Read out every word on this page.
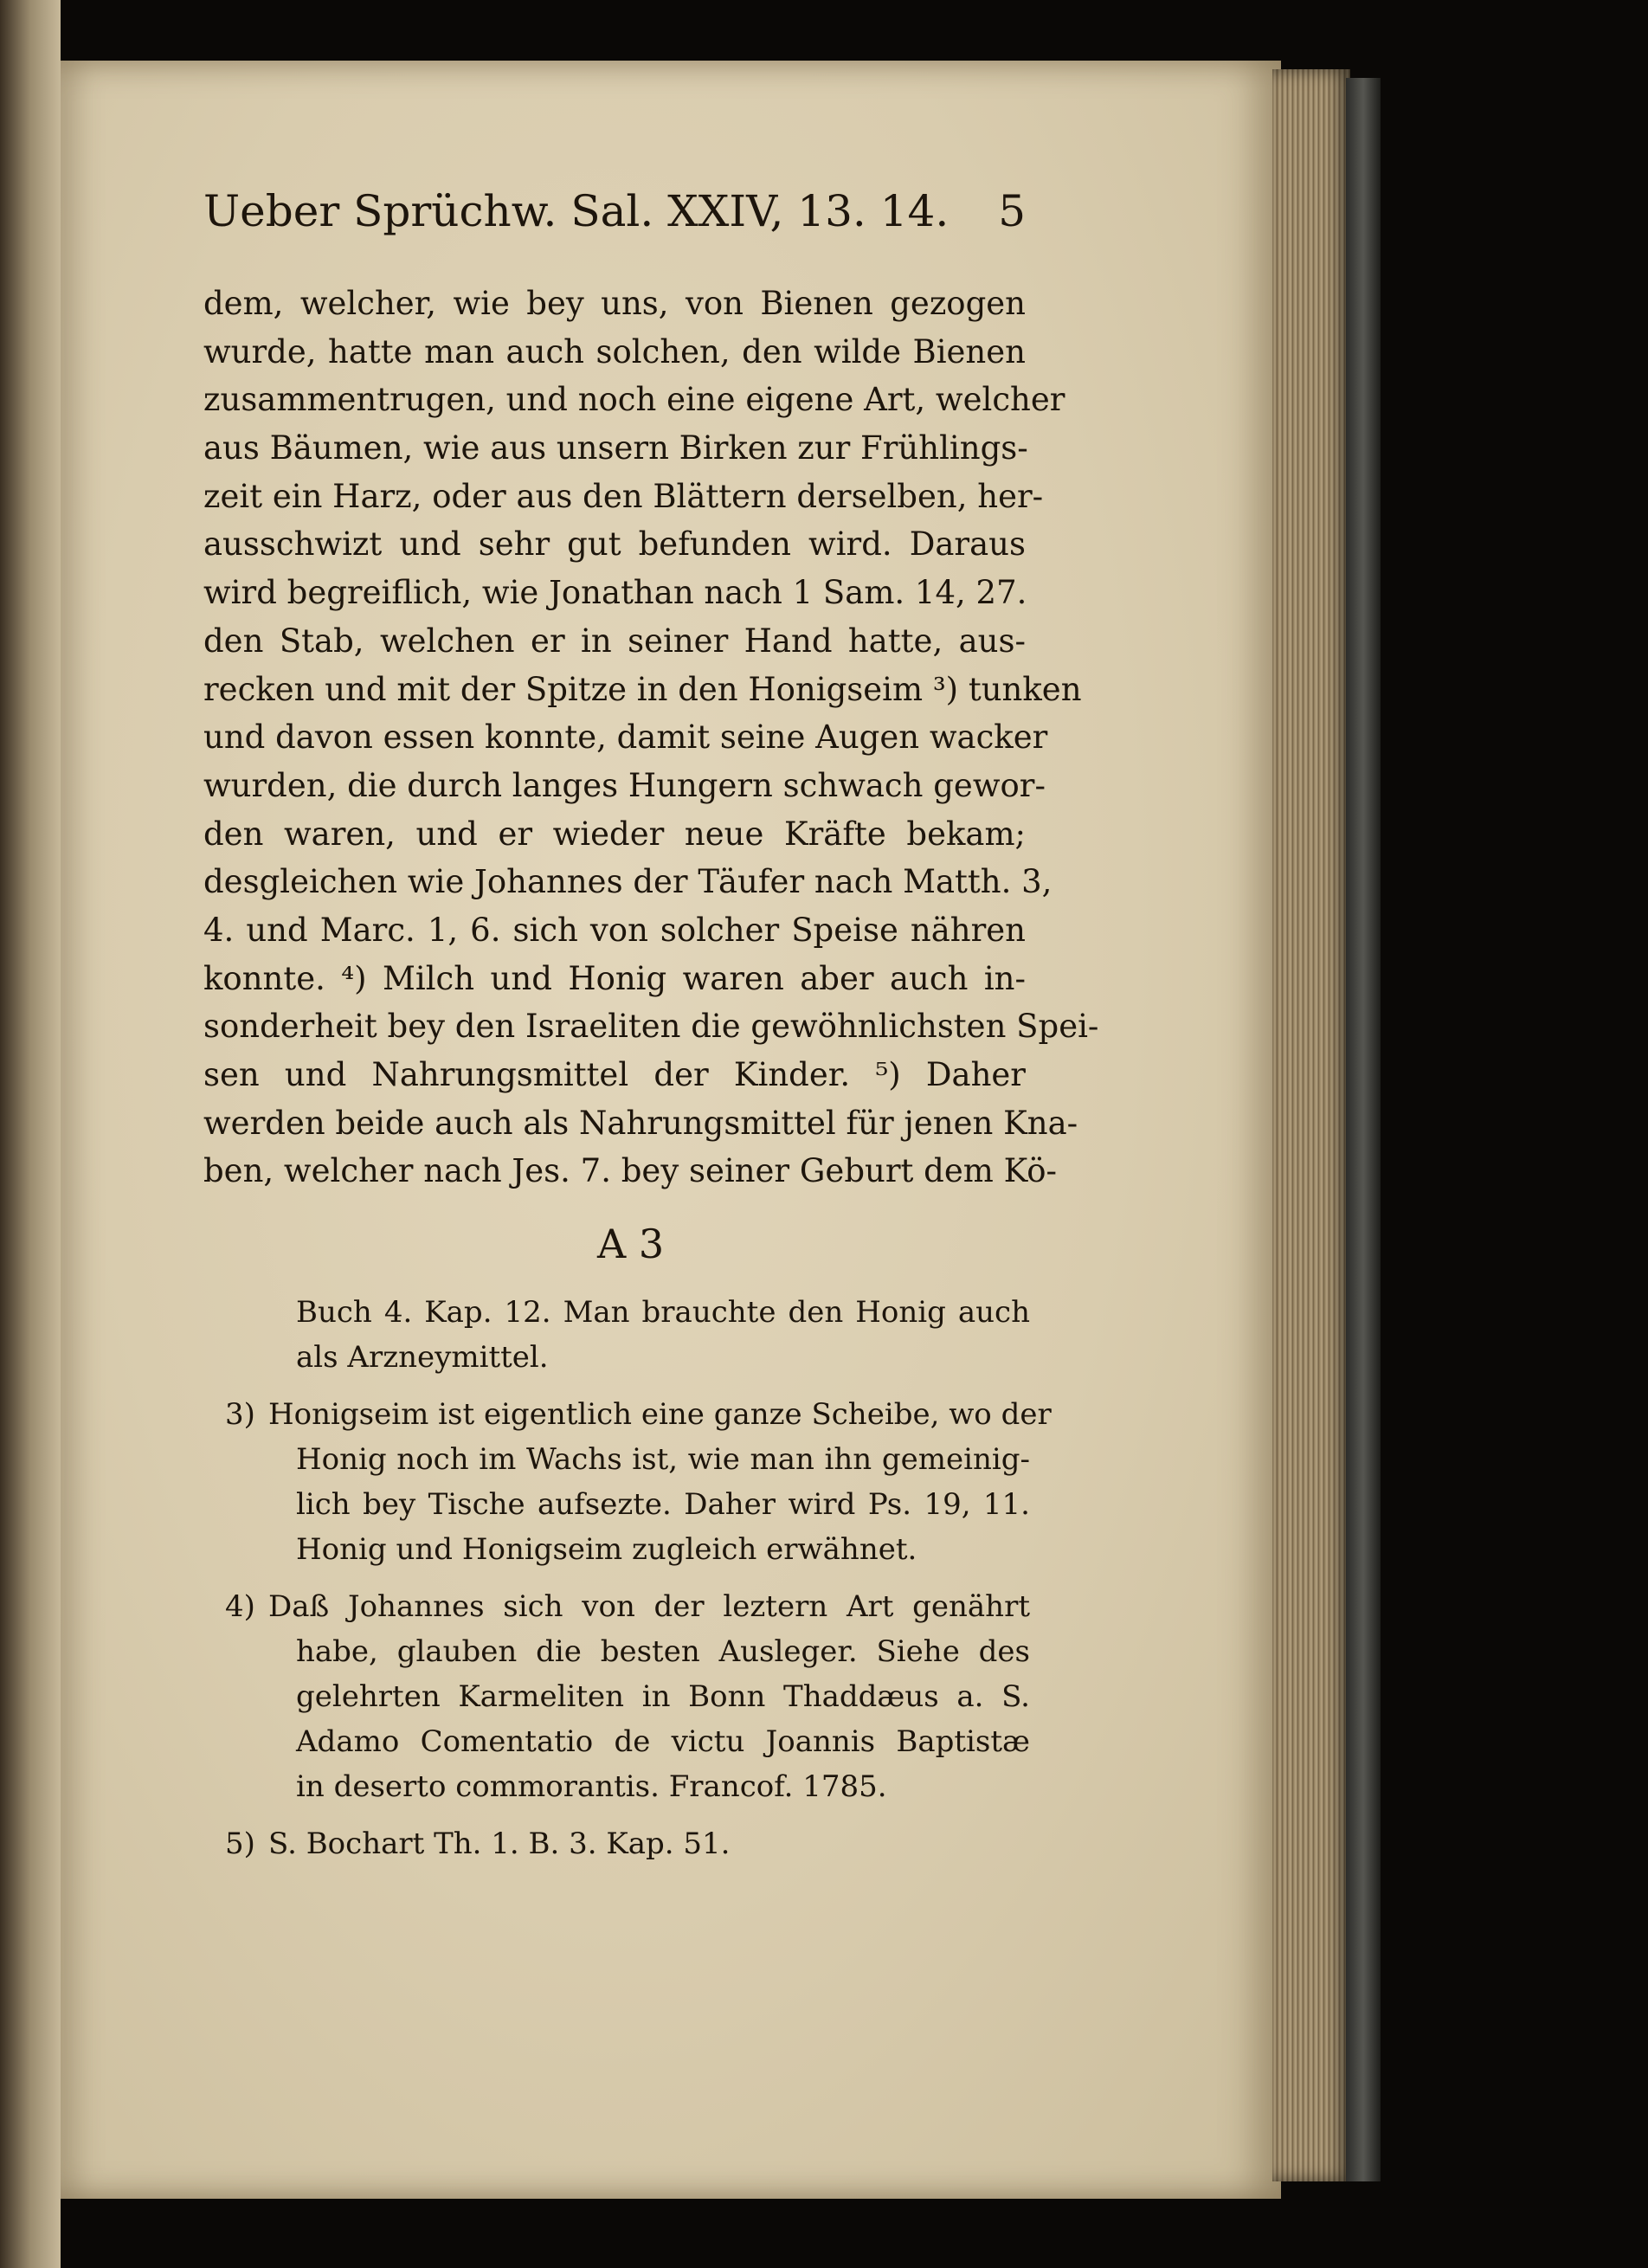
Ueber Sprüchw. Sal. XXIV, 13. 14. 5
dem, welcher, wie bey uns, von Bienen gezogen
wurde, hatte man auch solchen, den wilde Bienen
zusammentrugen, und noch eine eigene Art, welcher
aus Bäumen, wie aus unsern Birken zur Frühlings-
zeit ein Harz, oder aus den Blättern derselben, her-
ausschwizt und sehr gut befunden wird. Daraus
wird begreiflich, wie Jonathan nach 1 Sam. 14, 27.
den Stab, welchen er in seiner Hand hatte, aus-
recken und mit der Spitze in den Honigseim ³) tunken
und davon essen konnte, damit seine Augen wacker
wurden, die durch langes Hungern schwach gewor-
den waren, und er wieder neue Kräfte bekam;
desgleichen wie Johannes der Täufer nach Matth. 3,
4. und Marc. 1, 6. sich von solcher Speise nähren
konnte. ⁴) Milch und Honig waren aber auch in-
sonderheit bey den Israeliten die gewöhnlichsten Spei-
sen und Nahrungsmittel der Kinder. ⁵) Daher
werden beide auch als Nahrungsmittel für jenen Kna-
ben, welcher nach Jes. 7. bey seiner Geburt dem Kö-
A 3
Buch 4. Kap. 12. Man brauchte den Honig auch
als Arzneymittel.
3) Honigseim ist eigentlich eine ganze Scheibe, wo der
Honig noch im Wachs ist, wie man ihn gemeinig-
lich bey Tische aufsezte. Daher wird Ps. 19, 11.
Honig und Honigseim zugleich erwähnet.
4) Daß Johannes sich von der leztern Art genährt
habe, glauben die besten Ausleger. Siehe des
gelehrten Karmeliten in Bonn Thaddæus a. S.
Adamo Comentatio de victu Joannis Baptistæ
in deserto commorantis. Francof. 1785.
5) S. Bochart Th. 1. B. 3. Kap. 51.
